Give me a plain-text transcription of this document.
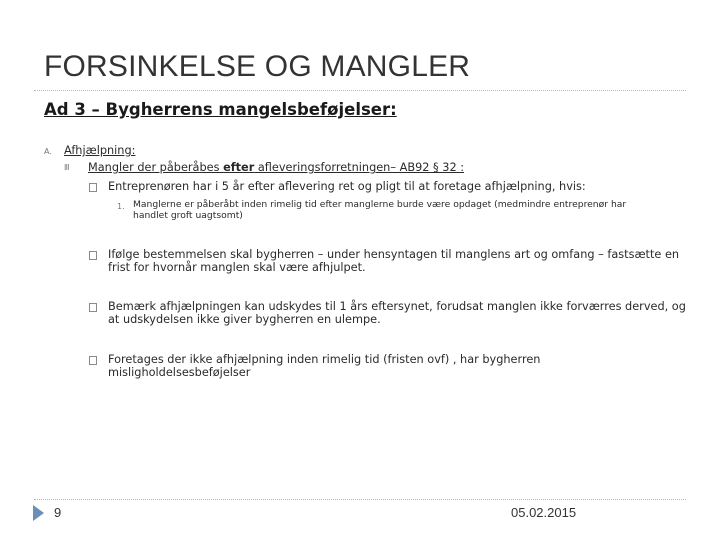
FORSINKELSE OG MANGLER
Ad 3 – Bygherrens mangelsbeføjelser:
A. Afhjælpning:
Ⅲ Mangler der påberåbes efter afleveringsforretningen– AB92 § 32 :
Entreprenøren har i 5 år efter aflevering ret og pligt til at foretage afhjælpning, hvis:
1. Manglerne er påberåbt inden rimelig tid efter manglerne burde være opdaget (medmindre entreprenør har handlet groft uagtsomt)
Ifølge bestemmelsen skal bygherren – under hensyntagen til manglens art og omfang – fastsætte en frist for hvornår manglen skal være afhjulpet.
Bemærk afhjælpningen kan udskydes til 1 års eftersynet, forudsat manglen ikke forværres derved, og at udskydelsen ikke giver bygherren en ulempe.
Foretages der ikke afhjælpning inden rimelig tid (fristen ovf) , har bygherren misligholdelsesbeføjelser
9	05.02.2015
